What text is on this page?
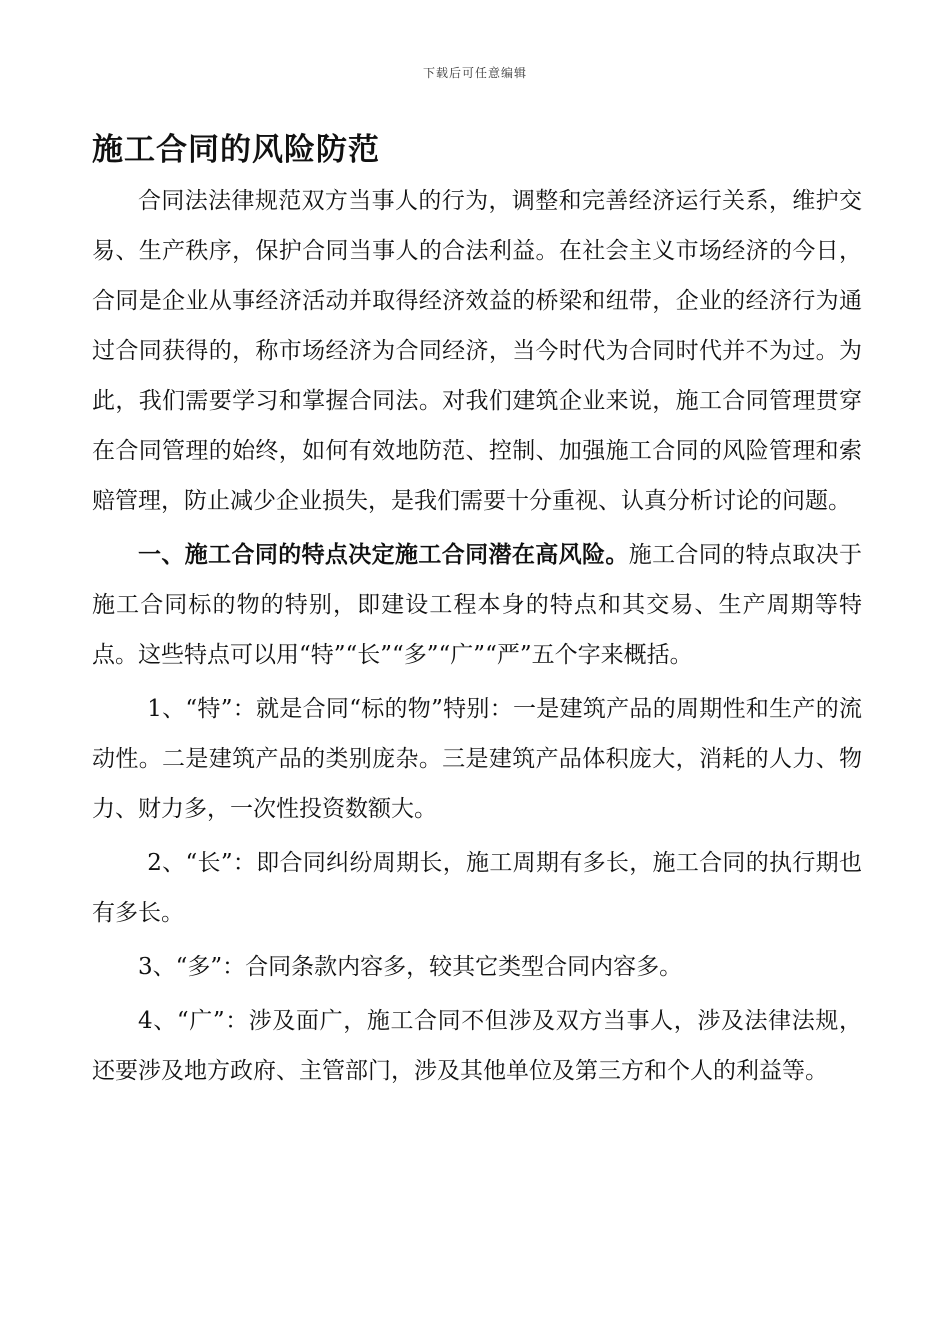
下载后可任意编辑
施工合同的风险防范

合同法法律规范双方当事人的行为，调整和完善经济运行关系，维护交易、生产秩序，保护合同当事人的合法利益。在社会主义市场经济的今日，合同是企业从事经济活动并取得经济效益的桥梁和纽带，企业的经济行为通过合同获得的，称市场经济为合同经济，当今时代为合同时代并不为过。为此，我们需要学习和掌握合同法。对我们建筑企业来说，施工合同管理贯穿在合同管理的始终，如何有效地防范、控制、加强施工合同的风险管理和索赔管理，防止减少企业损失，是我们需要十分重视、认真分析讨论的问题。

一、施工合同的特点决定施工合同潜在高风险。施工合同的特点取决于施工合同标的物的特别，即建设工程本身的特点和其交易、生产周期等特点。这些特点可以用“特”“长”“多”“广”“严”五个字来概括。

1、“特”：就是合同“标的物”特别：一是建筑产品的周期性和生产的流动性。二是建筑产品的类别庞杂。三是建筑产品体积庞大，消耗的人力、物力、财力多，一次性投资数额大。

2、“长”：即合同纠纷周期长，施工周期有多长，施工合同的执行期也有多长。

3、“多”：合同条款内容多，较其它类型合同内容多。

4、“广”：涉及面广，施工合同不但涉及双方当事人，涉及法律法规，还要涉及地方政府、主管部门，涉及其他单位及第三方和个人的利益等。
